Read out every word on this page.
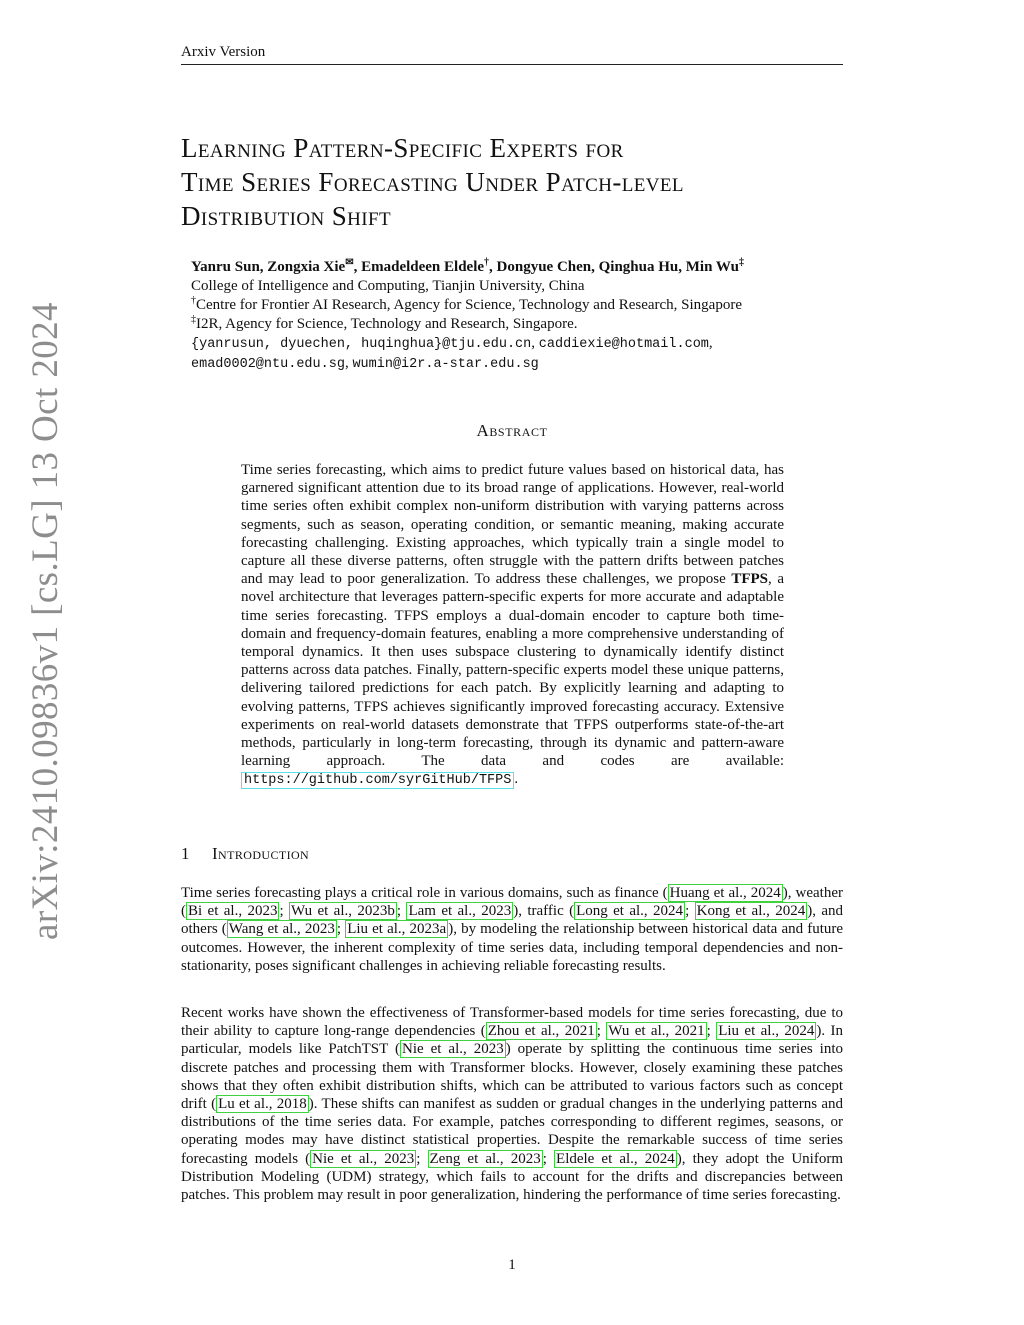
Arxiv Version
arXiv:2410.09836v1 [cs.LG] 13 Oct 2024
Learning Pattern-Specific Experts for
Time Series Forecasting Under Patch-level
Distribution Shift
Yanru Sun, Zongxia Xie✉, Emadeldeen Eldele†, Dongyue Chen, Qinghua Hu, Min Wu‡
College of Intelligence and Computing, Tianjin University, China
†Centre for Frontier AI Research, Agency for Science, Technology and Research, Singapore
‡I2R, Agency for Science, Technology and Research, Singapore.
{yanrusun, dyuechen, huqinghua}@tju.edu.cn, caddiexie@hotmail.com,
emad0002@ntu.edu.sg, wumin@i2r.a-star.edu.sg
Abstract
Time series forecasting, which aims to predict future values based on historical data, has garnered significant attention due to its broad range of applications. However, real-world time series often exhibit complex non-uniform distribution with varying patterns across segments, such as season, operating condition, or semantic meaning, making accurate forecasting challenging. Existing approaches, which typically train a single model to capture all these diverse patterns, often struggle with the pattern drifts between patches and may lead to poor generalization. To address these challenges, we propose TFPS, a novel architecture that leverages pattern-specific experts for more accurate and adaptable time series forecasting. TFPS employs a dual-domain encoder to capture both time-domain and frequency-domain features, enabling a more comprehensive understanding of temporal dynamics. It then uses subspace clustering to dynamically identify distinct patterns across data patches. Finally, pattern-specific experts model these unique patterns, delivering tailored predictions for each patch. By explicitly learning and adapting to evolving patterns, TFPS achieves significantly improved forecasting accuracy. Extensive experiments on real-world datasets demonstrate that TFPS outperforms state-of-the-art methods, particularly in long-term forecasting, through its dynamic and pattern-aware learning approach. The data and codes are available: https://github.com/syrGitHub/TFPS .
1 Introduction
Time series forecasting plays a critical role in various domains, such as finance ( Huang et al., 2024 ), weather ( Bi et al., 2023 ; Wu et al., 2023b ; Lam et al., 2023 ), traffic ( Long et al., 2024 ; Kong et al., 2024 ), and others ( Wang et al., 2023 ; Liu et al., 2023a ), by modeling the relationship between historical data and future outcomes. However, the inherent complexity of time series data, including temporal dependencies and non-stationarity, poses significant challenges in achieving reliable forecasting results.
Recent works have shown the effectiveness of Transformer-based models for time series forecasting, due to their ability to capture long-range dependencies ( Zhou et al., 2021 ; Wu et al., 2021 ; Liu et al., 2024 ). In particular, models like PatchTST ( Nie et al., 2023 ) operate by splitting the continuous time series into discrete patches and processing them with Transformer blocks. However, closely examining these patches shows that they often exhibit distribution shifts, which can be attributed to various factors such as concept drift ( Lu et al., 2018 ). These shifts can manifest as sudden or gradual changes in the underlying patterns and distributions of the time series data. For example, patches corresponding to different regimes, seasons, or operating modes may have distinct statistical properties. Despite the remarkable success of time series forecasting models ( Nie et al., 2023 ; Zeng et al., 2023 ; Eldele et al., 2024 ), they adopt the Uniform Distribution Modeling (UDM) strategy, which fails to account for the drifts and discrepancies between patches. This problem may result in poor generalization, hindering the performance of time series forecasting.
1
